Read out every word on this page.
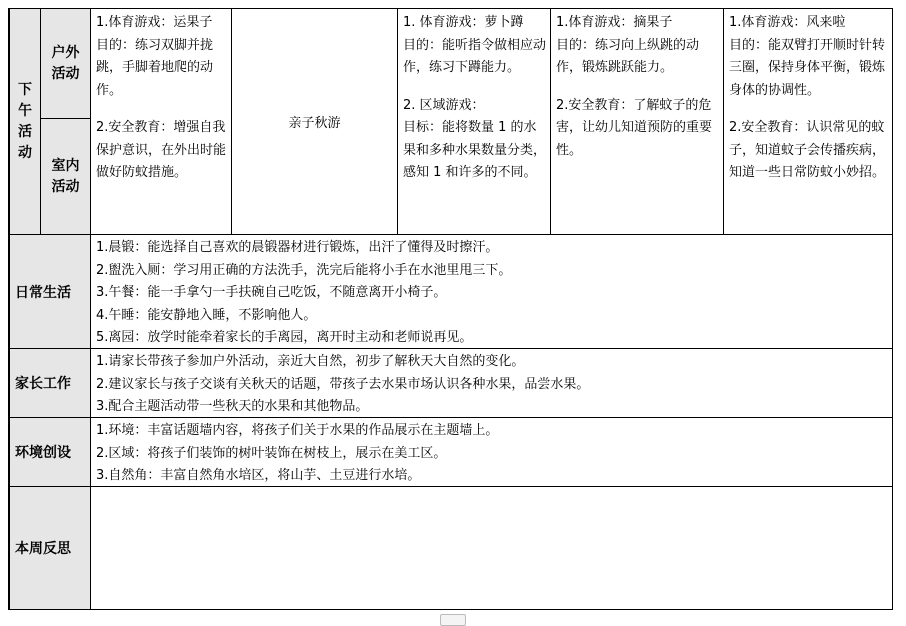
下午活动
户外活动
室内活动

1.体育游戏：运果子

目的：练习双脚并拢跳，手脚着地爬的动作。

2.安全教育：增强自我保护意识，在外出时能做好防蚊措施。

亲子秋游

1. 体育游戏：萝卜蹲

目的：能听指令做相应动作，练习下蹲能力。

2. 区域游戏：

目标：能将数量 1 的水果和多种水果数量分类，感知 1 和许多的不同。

1.体育游戏：摘果子

目的：练习向上纵跳的动作，锻炼跳跃能力。

2.安全教育：了解蚊子的危害，让幼儿知道预防的重要性。

1.体育游戏：风来啦

目的：能双臂打开顺时针转三圈，保持身体平衡，锻炼身体的协调性。

2.安全教育：认识常见的蚊子，知道蚊子会传播疾病，知道一些日常防蚊小妙招。

日常生活
1.晨锻：能选择自己喜欢的晨锻器材进行锻炼，出汗了懂得及时擦汗。
2.盥洗入厕：学习用正确的方法洗手，洗完后能将小手在水池里甩三下。
3.午餐：能一手拿勺一手扶碗自己吃饭，不随意离开小椅子。
4.午睡：能安静地入睡，不影响他人。
5.离园：放学时能牵着家长的手离园，离开时主动和老师说再见。
家长工作
1.请家长带孩子参加户外活动，亲近大自然，初步了解秋天大自然的变化。
2.建议家长与孩子交谈有关秋天的话题，带孩子去水果市场认识各种水果，品尝水果。
3.配合主题活动带一些秋天的水果和其他物品。
环境创设
1.环境：丰富话题墙内容，将孩子们关于水果的作品展示在主题墙上。
2.区域：将孩子们装饰的树叶装饰在树枝上，展示在美工区。
3.自然角：丰富自然角水培区，将山芋、土豆进行水培。
本周反思
